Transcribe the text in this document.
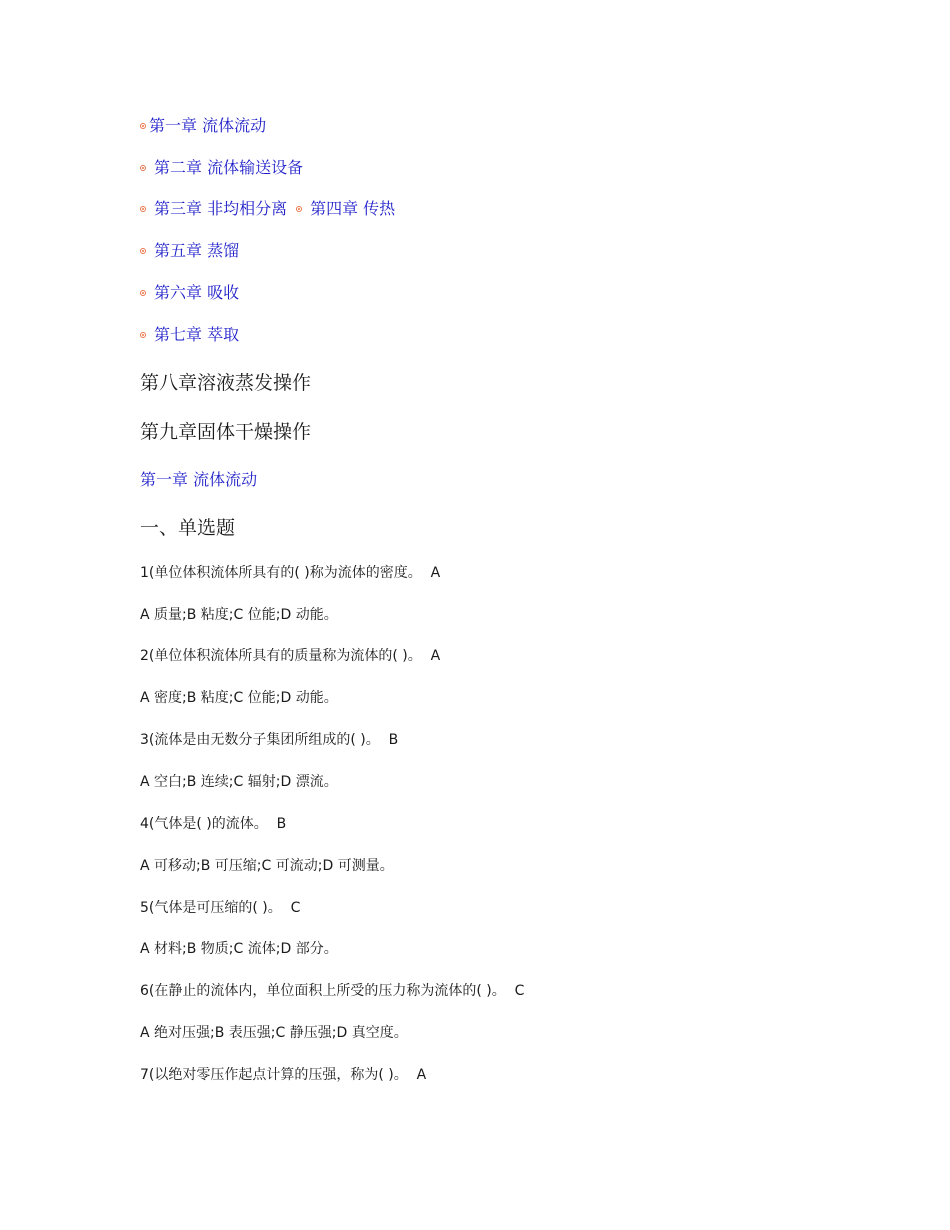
第一章 流体流动
第二章 流体输送设备
第三章 非均相分离 第四章 传热
第五章 蒸馏
第六章 吸收
第七章 萃取
第八章溶液蒸发操作
第九章固体干燥操作
第一章 流体流动
一、单选题
1(单位体积流体所具有的( )称为流体的密度。  A
A 质量;B 粘度;C 位能;D 动能。
2(单位体积流体所具有的质量称为流体的( )。  A
A 密度;B 粘度;C 位能;D 动能。
3(流体是由无数分子集团所组成的( )。  B
A 空白;B 连续;C 辐射;D 漂流。
4(气体是( )的流体。  B
A 可移动;B 可压缩;C 可流动;D 可测量。
5(气体是可压缩的( )。  C
A 材料;B 物质;C 流体;D 部分。
6(在静止的流体内，单位面积上所受的压力称为流体的( )。  C
A 绝对压强;B 表压强;C 静压强;D 真空度。
7(以绝对零压作起点计算的压强，称为( )。  A
